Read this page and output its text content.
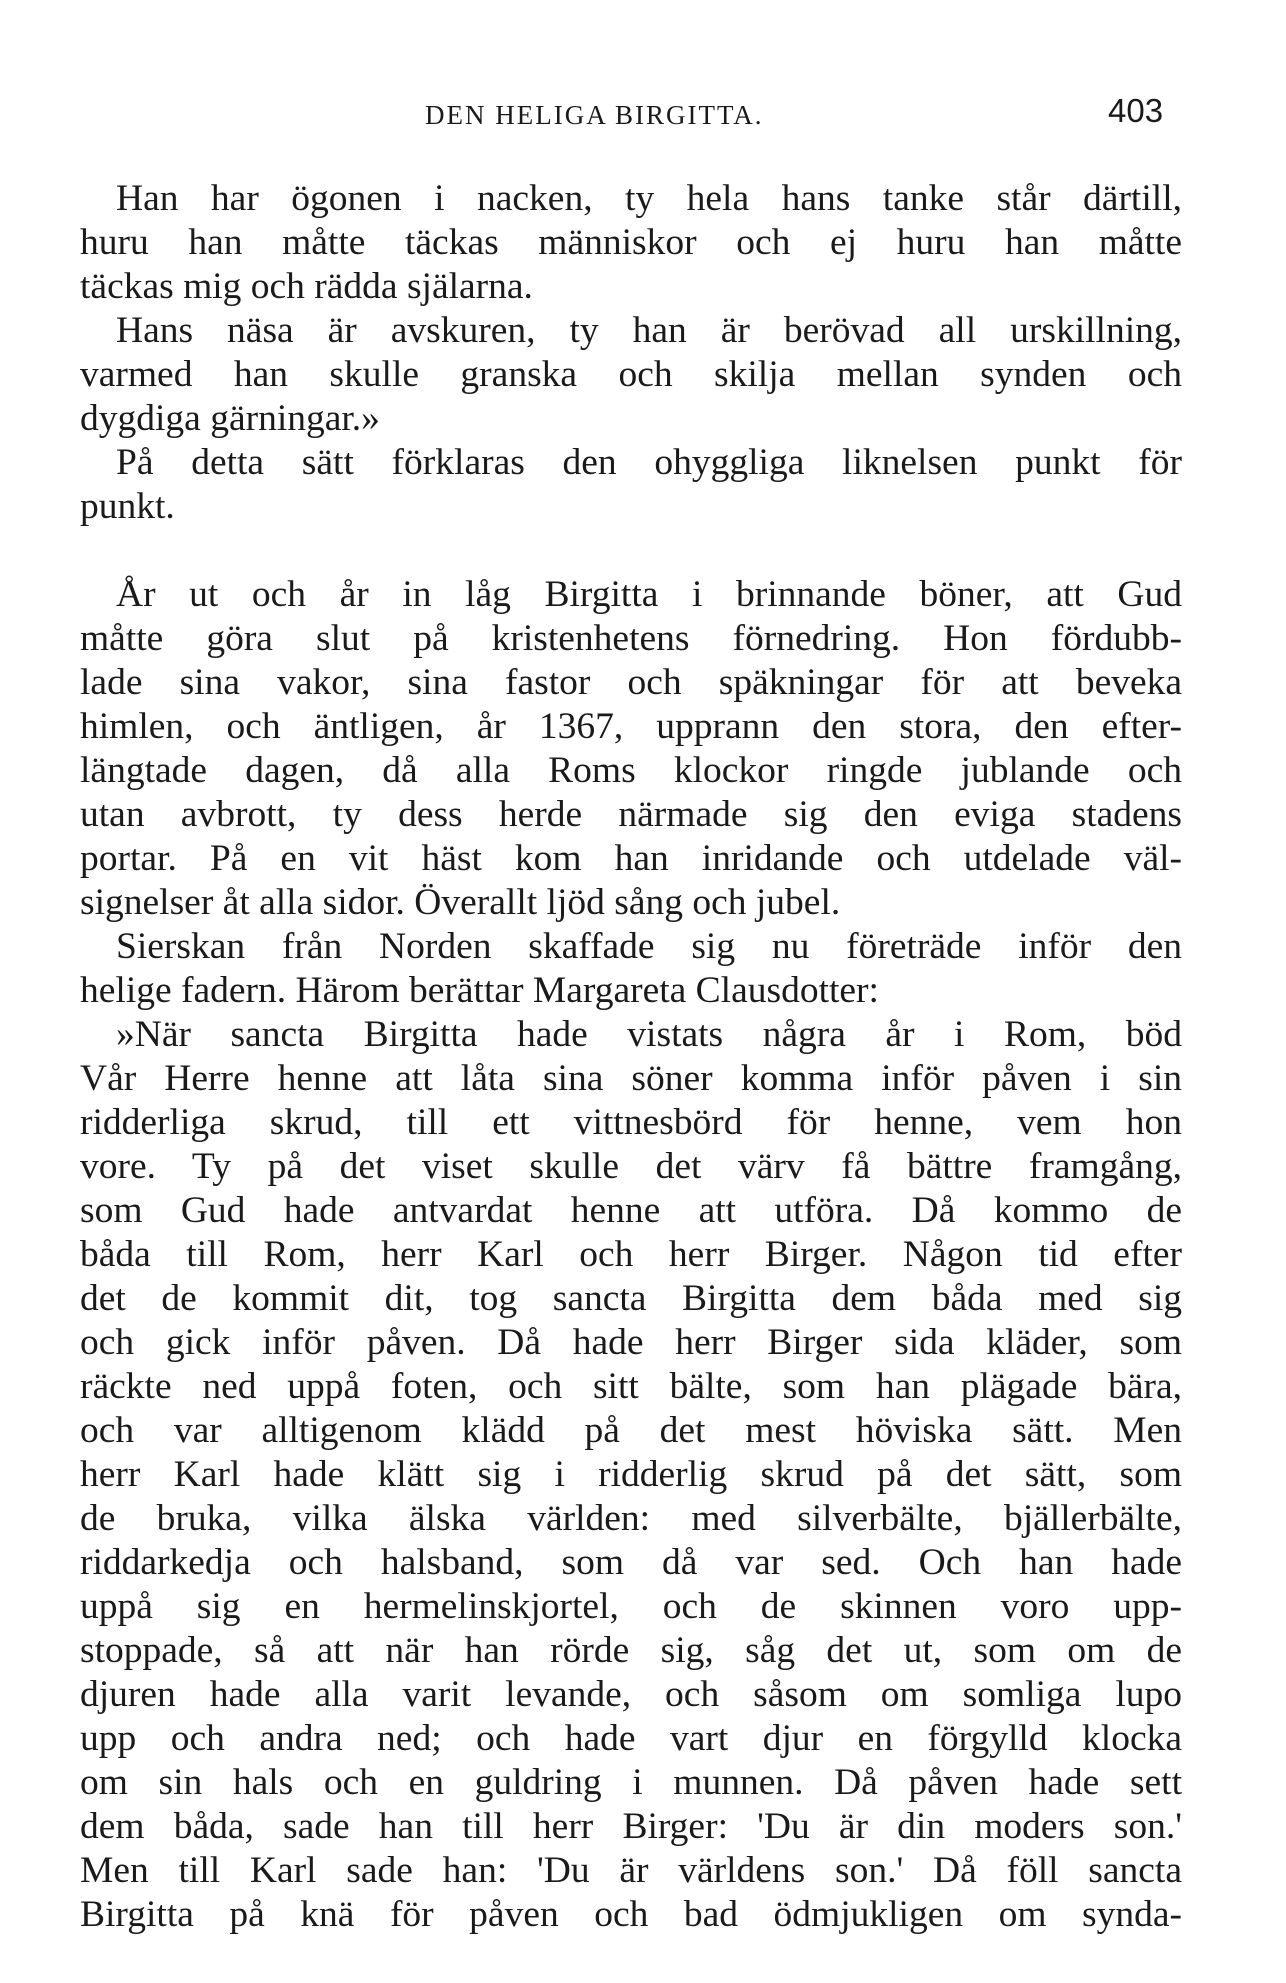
DEN HELIGA BIRGITTA.	403
Han har ögonen i nacken, ty hela hans tanke står därtill,
huru han måtte täckas människor och ej huru han måtte
täckas mig och rädda själarna.
Hans näsa är avskuren, ty han är berövad all urskillning,
varmed han skulle granska och skilja mellan synden och
dygdiga gärningar.»
På detta sätt förklaras den ohyggliga liknelsen punkt för
punkt.
År ut och år in låg Birgitta i brinnande böner, att Gud
måtte göra slut på kristenhetens förnedring. Hon fördubb-
lade sina vakor, sina fastor och späkningar för att beveka
himlen, och äntligen, år 1367, upprann den stora, den efter-
längtade dagen, då alla Roms klockor ringde jublande och
utan avbrott, ty dess herde närmade sig den eviga stadens
portar. På en vit häst kom han inridande och utdelade väl-
signelser åt alla sidor. Överallt ljöd sång och jubel.
Sierskan från Norden skaffade sig nu företräde inför den
helige fadern. Härom berättar Margareta Clausdotter:
»När sancta Birgitta hade vistats några år i Rom, böd
Vår Herre henne att låta sina söner komma inför påven i sin
ridderliga skrud, till ett vittnesbörd för henne, vem hon
vore. Ty på det viset skulle det värv få bättre framgång,
som Gud hade antvardat henne att utföra. Då kommo de
båda till Rom, herr Karl och herr Birger. Någon tid efter
det de kommit dit, tog sancta Birgitta dem båda med sig
och gick inför påven. Då hade herr Birger sida kläder, som
räckte ned uppå foten, och sitt bälte, som han plägade bära,
och var alltigenom klädd på det mest höviska sätt. Men
herr Karl hade klätt sig i ridderlig skrud på det sätt, som
de bruka, vilka älska världen: med silverbälte, bjällerbälte,
riddarkedja och halsband, som då var sed. Och han hade
uppå sig en hermelinskjortel, och de skinnen voro upp-
stoppade, så att när han rörde sig, såg det ut, som om de
djuren hade alla varit levande, och såsom om somliga lupo
upp och andra ned; och hade vart djur en förgylld klocka
om sin hals och en guldring i munnen. Då påven hade sett
dem båda, sade han till herr Birger: 'Du är din moders son.'
Men till Karl sade han: 'Du är världens son.' Då föll sancta
Birgitta på knä för påven och bad ödmjukligen om synda-
